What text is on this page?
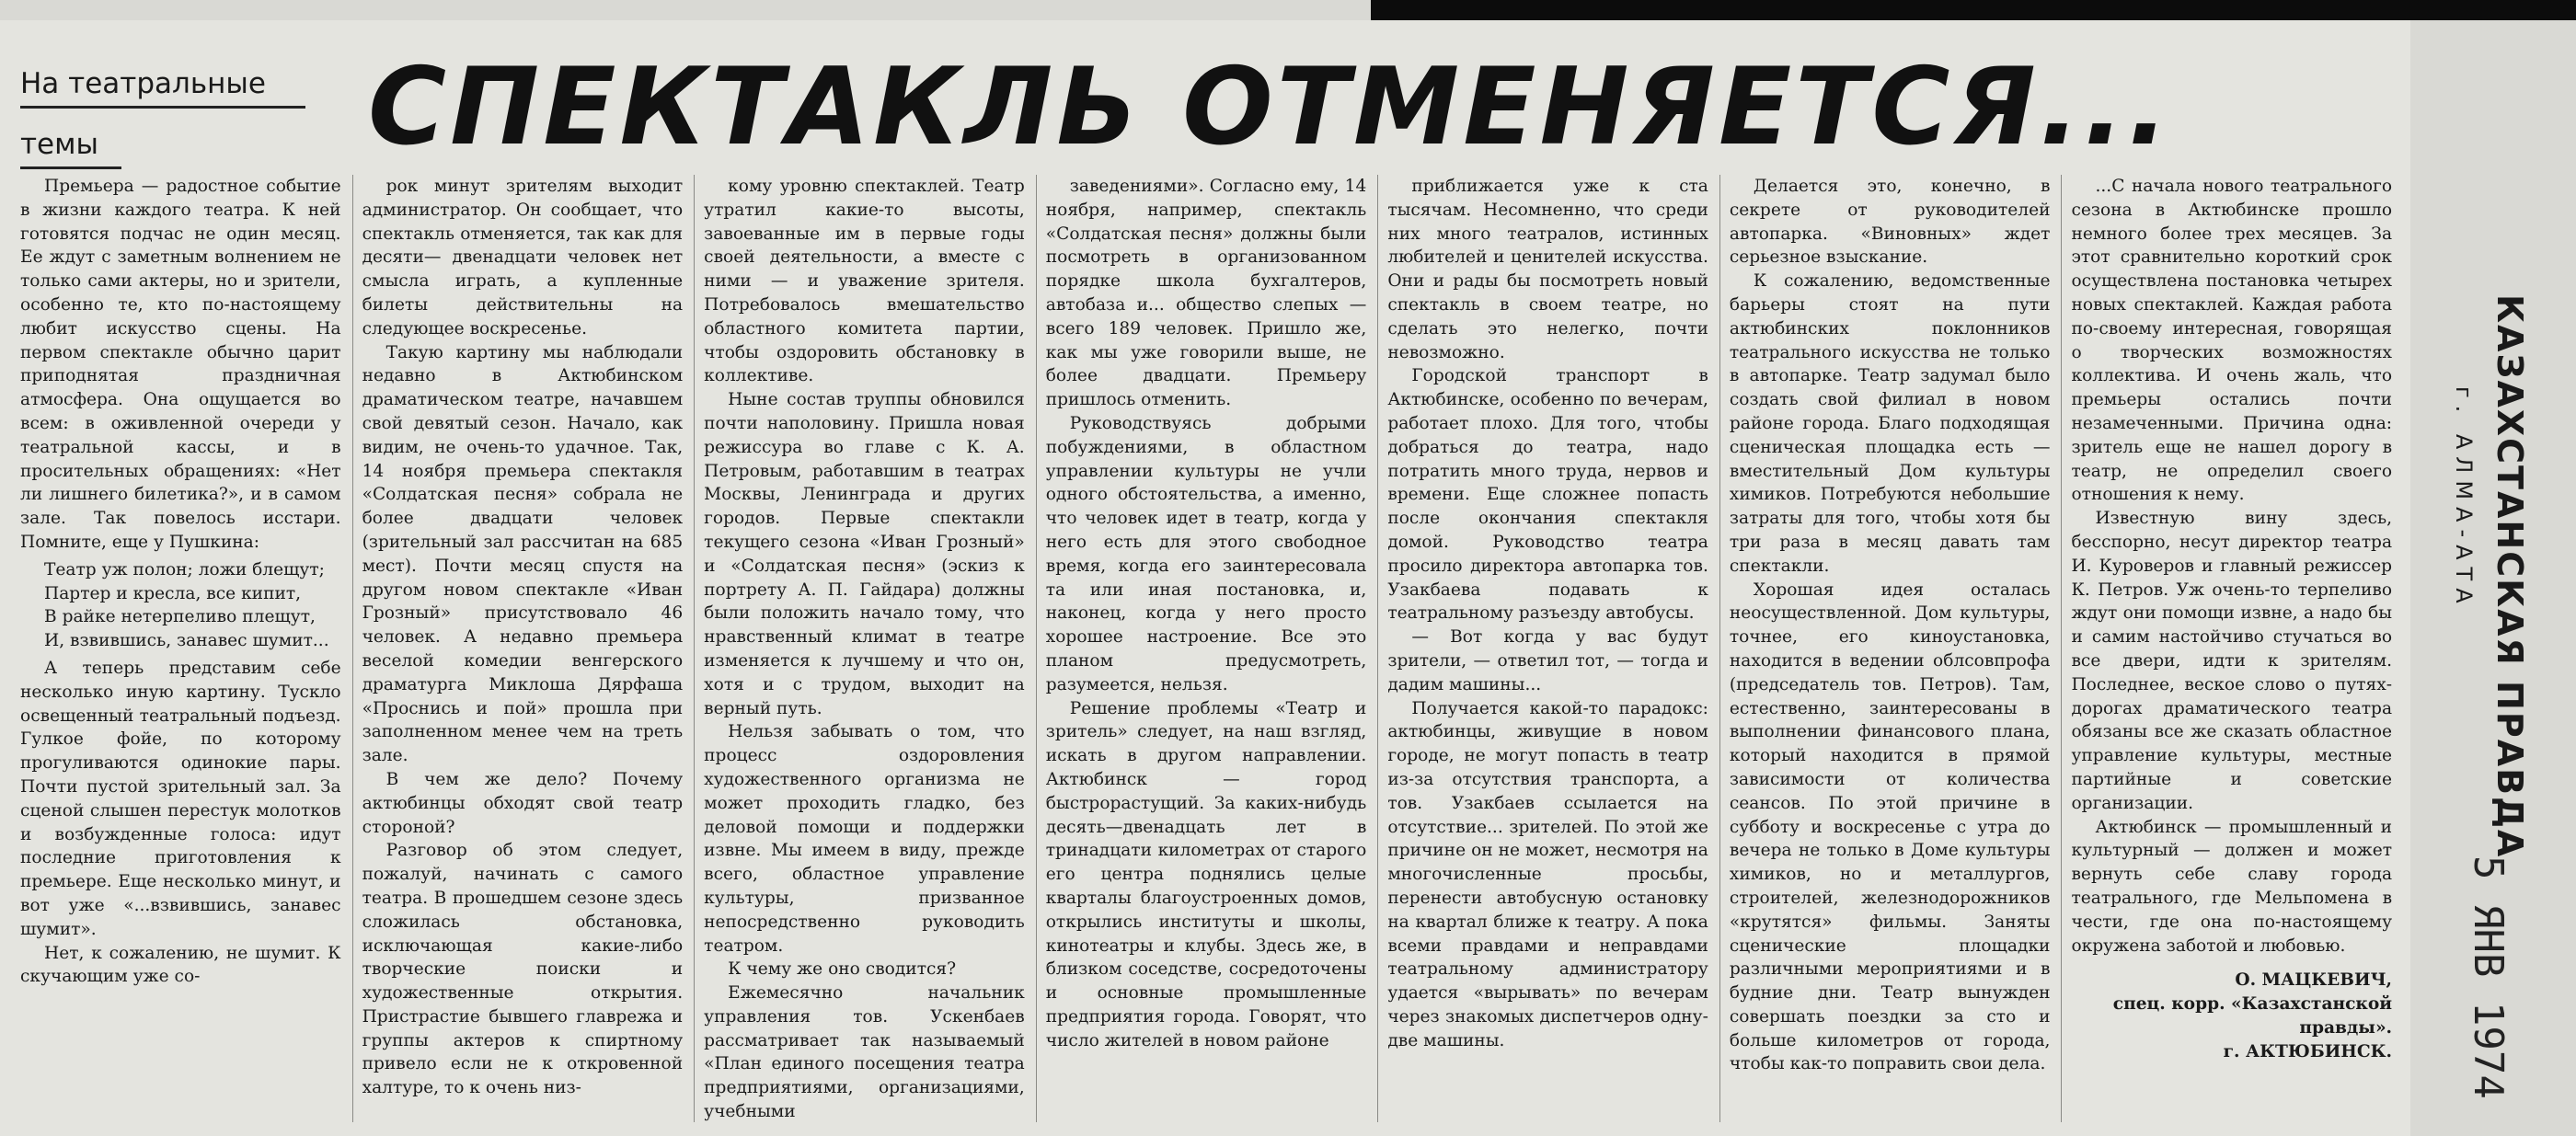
На театральные
темы	СПЕКТАКЛЬ ОТМЕНЯЕТСЯ...

Премьера — радостное событие в жизни каждого театра. К ней готовятся подчас не один месяц. Ее ждут с заметным волнением не только сами актеры, но и зрители, особенно те, кто по-настоящему любит искусство сцены. На первом спектакле обычно царит приподнятая праздничная атмосфера. Она ощущается во всем: в оживленной очереди у театральной кассы, и в просительных обращениях: «Нет ли лишнего билетика?», и в самом зале. Так повелось исстари. Помните, еще у Пушкина:

Театр уж полон; ложи блещут;
Партер и кресла, все кипит,
В райке нетерпеливо плещут,
И, взвившись, занавес шумит...

А теперь представим себе несколько иную картину. Тускло освещенный театральный подъезд. Гулкое фойе, по которому прогуливаются одинокие пары. Почти пустой зрительный зал. За сценой слышен перестук молотков и возбужденные голоса: идут последние приготовления к премьере. Еще несколько минут, и вот уже «...взвившись, занавес шумит».

Нет, к сожалению, не шумит. К скучающим уже со-

рок минут зрителям выходит администратор. Он сообщает, что спектакль отменяется, так как для десяти— двенадцати человек нет смысла играть, а купленные билеты действительны на следующее воскресенье.

Такую картину мы наблюдали недавно в Актюбинском драматическом театре, начавшем свой девятый сезон. Начало, как видим, не очень-то удачное. Так, 14 ноября премьера спектакля «Солдатская песня» собрала не более двадцати человек (зрительный зал рассчитан на 685 мест). Почти месяц спустя на другом новом спектакле «Иван Грозный» присутствовало 46 человек. А недавно премьера веселой комедии венгерского драматурга Миклоша Дярфаша «Проснись и пой» прошла при заполненном менее чем на треть зале.

В чем же дело? Почему актюбинцы обходят свой театр стороной?

Разговор об этом следует, пожалуй, начинать с самого театра. В прошедшем сезоне здесь сложилась обстановка, исключающая какие-либо творческие поиски и художественные открытия. Пристрастие бывшего главрежа и группы актеров к спиртному привело если не к откровенной халтуре, то к очень низ-

кому уровню спектаклей. Театр утратил какие-то высоты, завоеванные им в первые годы своей деятельности, а вместе с ними — и уважение зрителя. Потребовалось вмешательство областного комитета партии, чтобы оздоровить обстановку в коллективе.

Ныне состав труппы обновился почти наполовину. Пришла новая режиссура во главе с К. А. Петровым, работавшим в театрах Москвы, Ленинграда и других городов. Первые спектакли текущего сезона «Иван Грозный» и «Солдатская песня» (эскиз к портрету А. П. Гайдара) должны были положить начало тому, что нравственный климат в театре изменяется к лучшему и что он, хотя и с трудом, выходит на верный путь.

Нельзя забывать о том, что процесс оздоровления художественного организма не может проходить гладко, без деловой помощи и поддержки извне. Мы имеем в виду, прежде всего, областное управление культуры, призванное непосредственно руководить театром.

К чему же оно сводится?

Ежемесячно начальник управления тов. Ускенбаев рассматривает так называемый «План единого посещения театра предприятиями, организациями, учебными

заведениями». Согласно ему, 14 ноября, например, спектакль «Солдатская песня» должны были посмотреть в организованном порядке школа бухгалтеров, автобаза и... общество слепых — всего 189 человек. Пришло же, как мы уже говорили выше, не более двадцати. Премьеру пришлось отменить.

Руководствуясь добрыми побуждениями, в областном управлении культуры не учли одного обстоятельства, а именно, что человек идет в театр, когда у него есть для этого свободное время, когда его заинтересовала та или иная постановка, и, наконец, когда у него просто хорошее настроение. Все это планом предусмотреть, разумеется, нельзя.

Решение проблемы «Театр и зритель» следует, на наш взгляд, искать в другом направлении. Актюбинск — город быстрорастущий. За каких-нибудь десять—двенадцать лет в тринадцати километрах от старого его центра поднялись целые кварталы благоустроенных домов, открылись институты и школы, кинотеатры и клубы. Здесь же, в близком соседстве, сосредоточены и основные промышленные предприятия города. Говорят, что число жителей в новом районе

приближается уже к ста тысячам. Несомненно, что среди них много театралов, истинных любителей и ценителей искусства. Они и рады бы посмотреть новый спектакль в своем театре, но сделать это нелегко, почти невозможно.

Городской транспорт в Актюбинске, особенно по вечерам, работает плохо. Для того, чтобы добраться до театра, надо потратить много труда, нервов и времени. Еще сложнее попасть после окончания спектакля домой. Руководство театра просило директора автопарка тов. Узакбаева подавать к театральному разъезду автобусы.

— Вот когда у вас будут зрители, — ответил тот, — тогда и дадим машины...

Получается какой-то парадокс: актюбинцы, живущие в новом городе, не могут попасть в театр из-за отсутствия транспорта, а тов. Узакбаев ссылается на отсутствие... зрителей. По этой же причине он не может, несмотря на многочисленные просьбы, перенести автобусную остановку на квартал ближе к театру. А пока всеми правдами и неправдами театральному администратору удается «вырывать» по вечерам через знакомых диспетчеров одну-две машины.

Делается это, конечно, в секрете от руководителей автопарка. «Виновных» ждет серьезное взыскание.

К сожалению, ведомственные барьеры стоят на пути актюбинских поклонников театрального искусства не только в автопарке. Театр задумал было создать свой филиал в новом районе города. Благо подходящая сценическая площадка есть — вместительный Дом культуры химиков. Потребуются небольшие затраты для того, чтобы хотя бы три раза в месяц давать там спектакли.

Хорошая идея осталась неосуществленной. Дом культуры, точнее, его киноустановка, находится в ведении облсовпрофа (председатель тов. Петров). Там, естественно, заинтересованы в выполнении финансового плана, который находится в прямой зависимости от количества сеансов. По этой причине в субботу и воскресенье с утра до вечера не только в Доме культуры химиков, но и металлургов, строителей, железнодорожников «крутятся» фильмы. Заняты сценические площадки различными мероприятиями и в будние дни. Театр вынужден совершать поездки за сто и больше километров от города, чтобы как-то поправить свои дела.

...С начала нового театрального сезона в Актюбинске прошло немного более трех месяцев. За этот сравнительно короткий срок осуществлена постановка четырех новых спектаклей. Каждая работа по-своему интересная, говорящая о творческих возможностях коллектива. И очень жаль, что премьеры остались почти незамеченными. Причина одна: зритель еще не нашел дорогу в театр, не определил своего отношения к нему.

Известную вину здесь, бесспорно, несут директор театра И. Куроверов и главный режиссер К. Петров. Уж очень-то терпеливо ждут они помощи извне, а надо бы и самим настойчиво стучаться во все двери, идти к зрителям. Последнее, веское слово о путях-дорогах драматического театра обязаны все же сказать областное управление культуры, местные партийные и советские организации.

Актюбинск — промышленный и культурный — должен и может вернуть себе славу города театрального, где Мельпомена в чести, где она по-настоящему окружена заботой и любовью.

О. МАЦКЕВИЧ,
спец. корр. «Казахстанской правды».
г. АКТЮБИНСК.
КАЗАХСТАНСКАЯ ПРАВДА
г. АЛМА-АТА
5 ЯНВ 1974
